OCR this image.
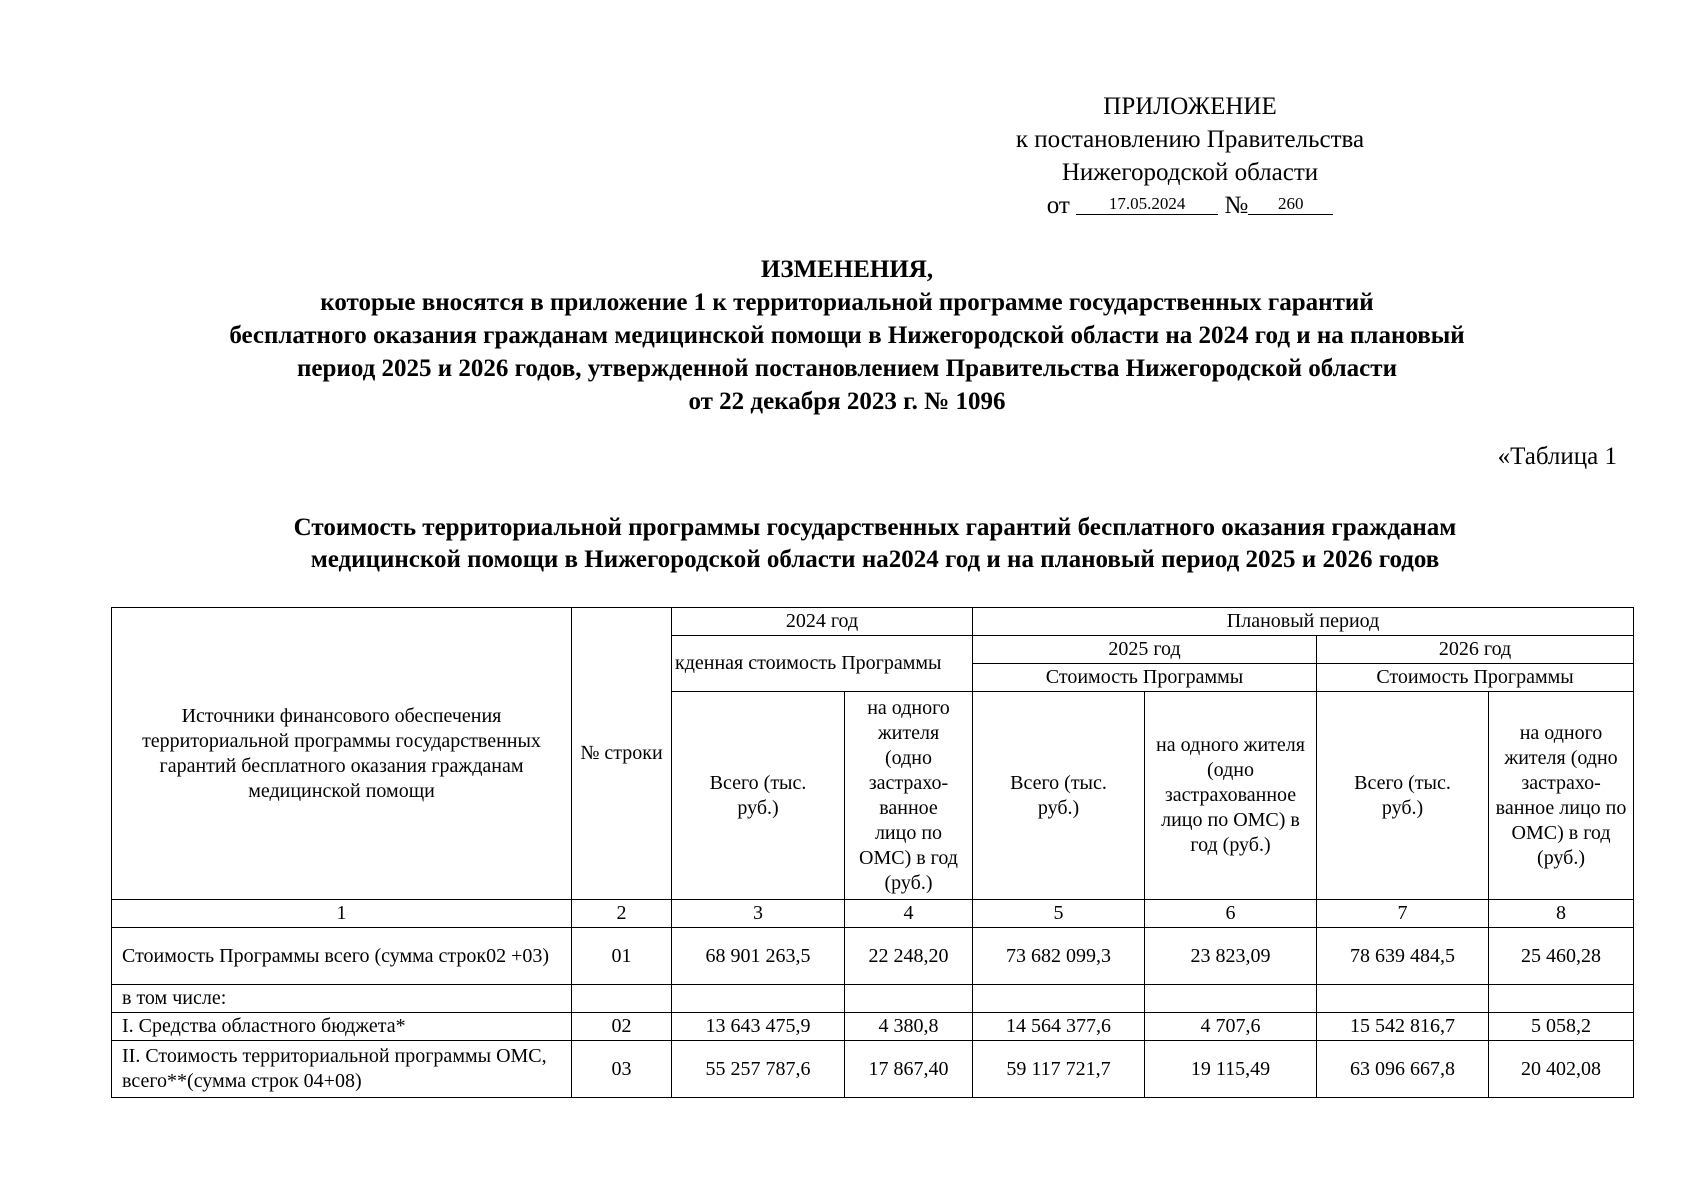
ПРИЛОЖЕНИЕ
к постановлению Правительства
Нижегородской области
от 17.05.2024 № 260
ИЗМЕНЕНИЯ,
которые вносятся в приложение 1 к территориальной программе государственных гарантий
бесплатного оказания гражданам медицинской помощи в Нижегородской области на 2024 год и на плановый
период 2025 и 2026 годов, утвержденной постановлением Правительства Нижегородской области
от 22 декабря 2023 г. № 1096
«Таблица 1
Стоимость территориальной программы государственных гарантий бесплатного оказания гражданам
медицинской помощи в Нижегородской области на2024 год и на плановый период 2025 и 2026 годов
Источники финансового обеспечения территориальной программы государственных гарантий бесплатного оказания гражданам медицинской помощи	№ строки	2024 год		Плановый период			
		кденная стоимость Программы		2025 год		2026 год	
				Стоимость Программы		Стоимость Программы	
		Всего (тыс. руб.)	на одного жителя (одно застрахо-ванное лицо по ОМС) в год (руб.)	Всего (тыс. руб.)	на одного жителя (одно застрахованное лицо по ОМС) в год (руб.)	Всего (тыс. руб.)	на одного жителя (одно застрахо-ванное лицо по ОМС) в год (руб.)
1	2	3	4	5	6	7	8
Стоимость Программы всего (сумма строк02 +03)	01	68 901 263,5	22 248,20	73 682 099,3	23 823,09	78 639 484,5	25 460,28
в том числе:							
I. Средства областного бюджета*	02	13 643 475,9	4 380,8	14 564 377,6	4 707,6	15 542 816,7	5 058,2
II. Стоимость территориальной программы ОМС, всего**(сумма строк 04+08)	03	55 257 787,6	17 867,40	59 117 721,7	19 115,49	63 096 667,8	20 402,08
